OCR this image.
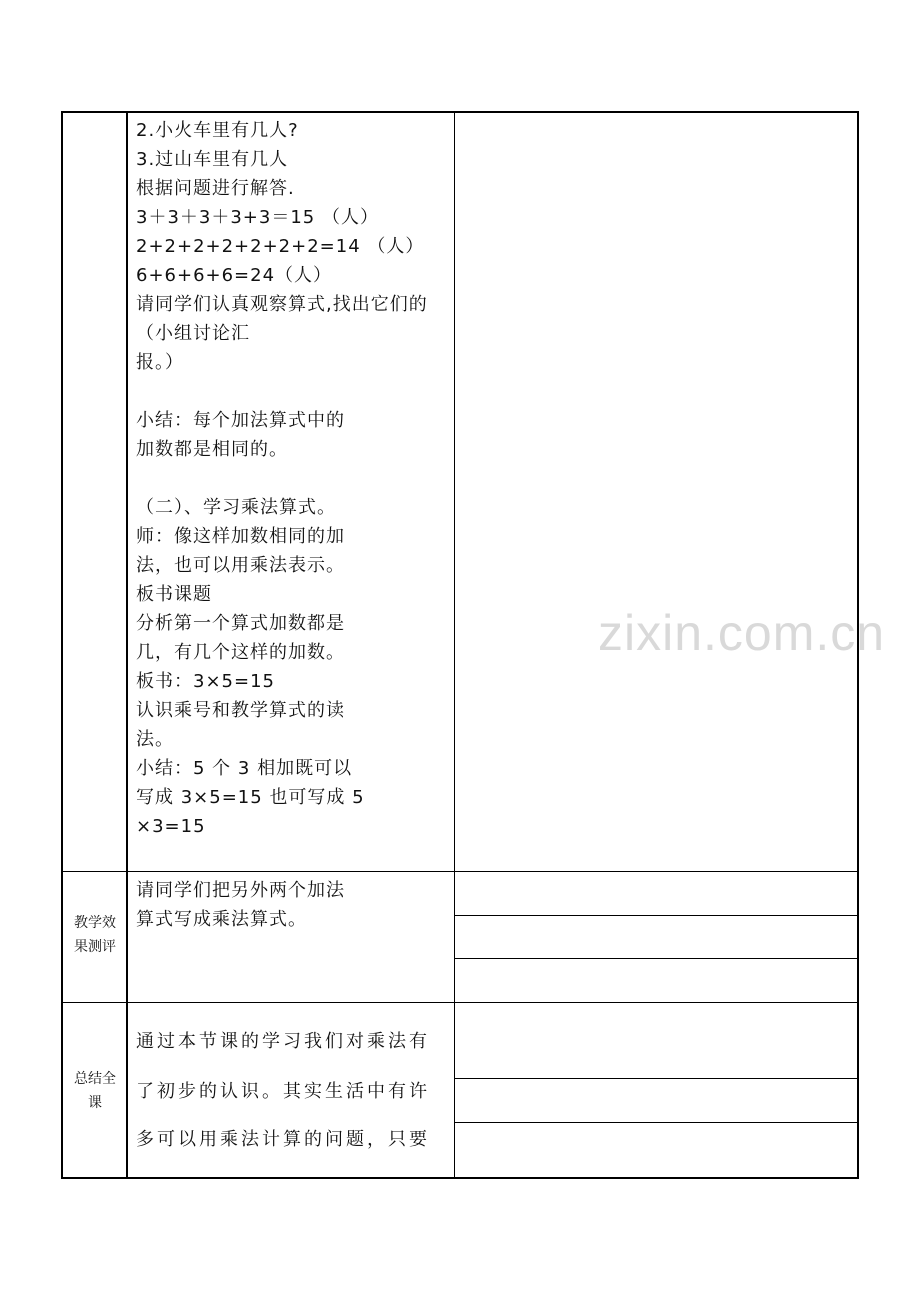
2.小火车里有几人?
3.过山车里有几人
根据问题进行解答.
3＋3＋3＋3+3＝15 （人）
2+2+2+2+2+2+2=14 （人）
6+6+6+6=24（人）
请同学们认真观察算式,找出它们的
（小组讨论汇
报。）
小结：每个加法算式中的
加数都是相同的。
（二）、学习乘法算式。
师：像这样加数相同的加
法，也可以用乘法表示。
板书课题
分析第一个算式加数都是
几，有几个这样的加数。
板书：3×5=15
认识乘号和教学算式的读
法。
小结：5 个 3 相加既可以
写成 3×5=15 也可写成 5
×3=15
教学效
果测评
请同学们把另外两个加法
算式写成乘法算式。
总结全
课
通过本节课的学习我们对乘法有
了初步的认识。其实生活中有许
多可以用乘法计算的问题，只要
zixin.com.cn
